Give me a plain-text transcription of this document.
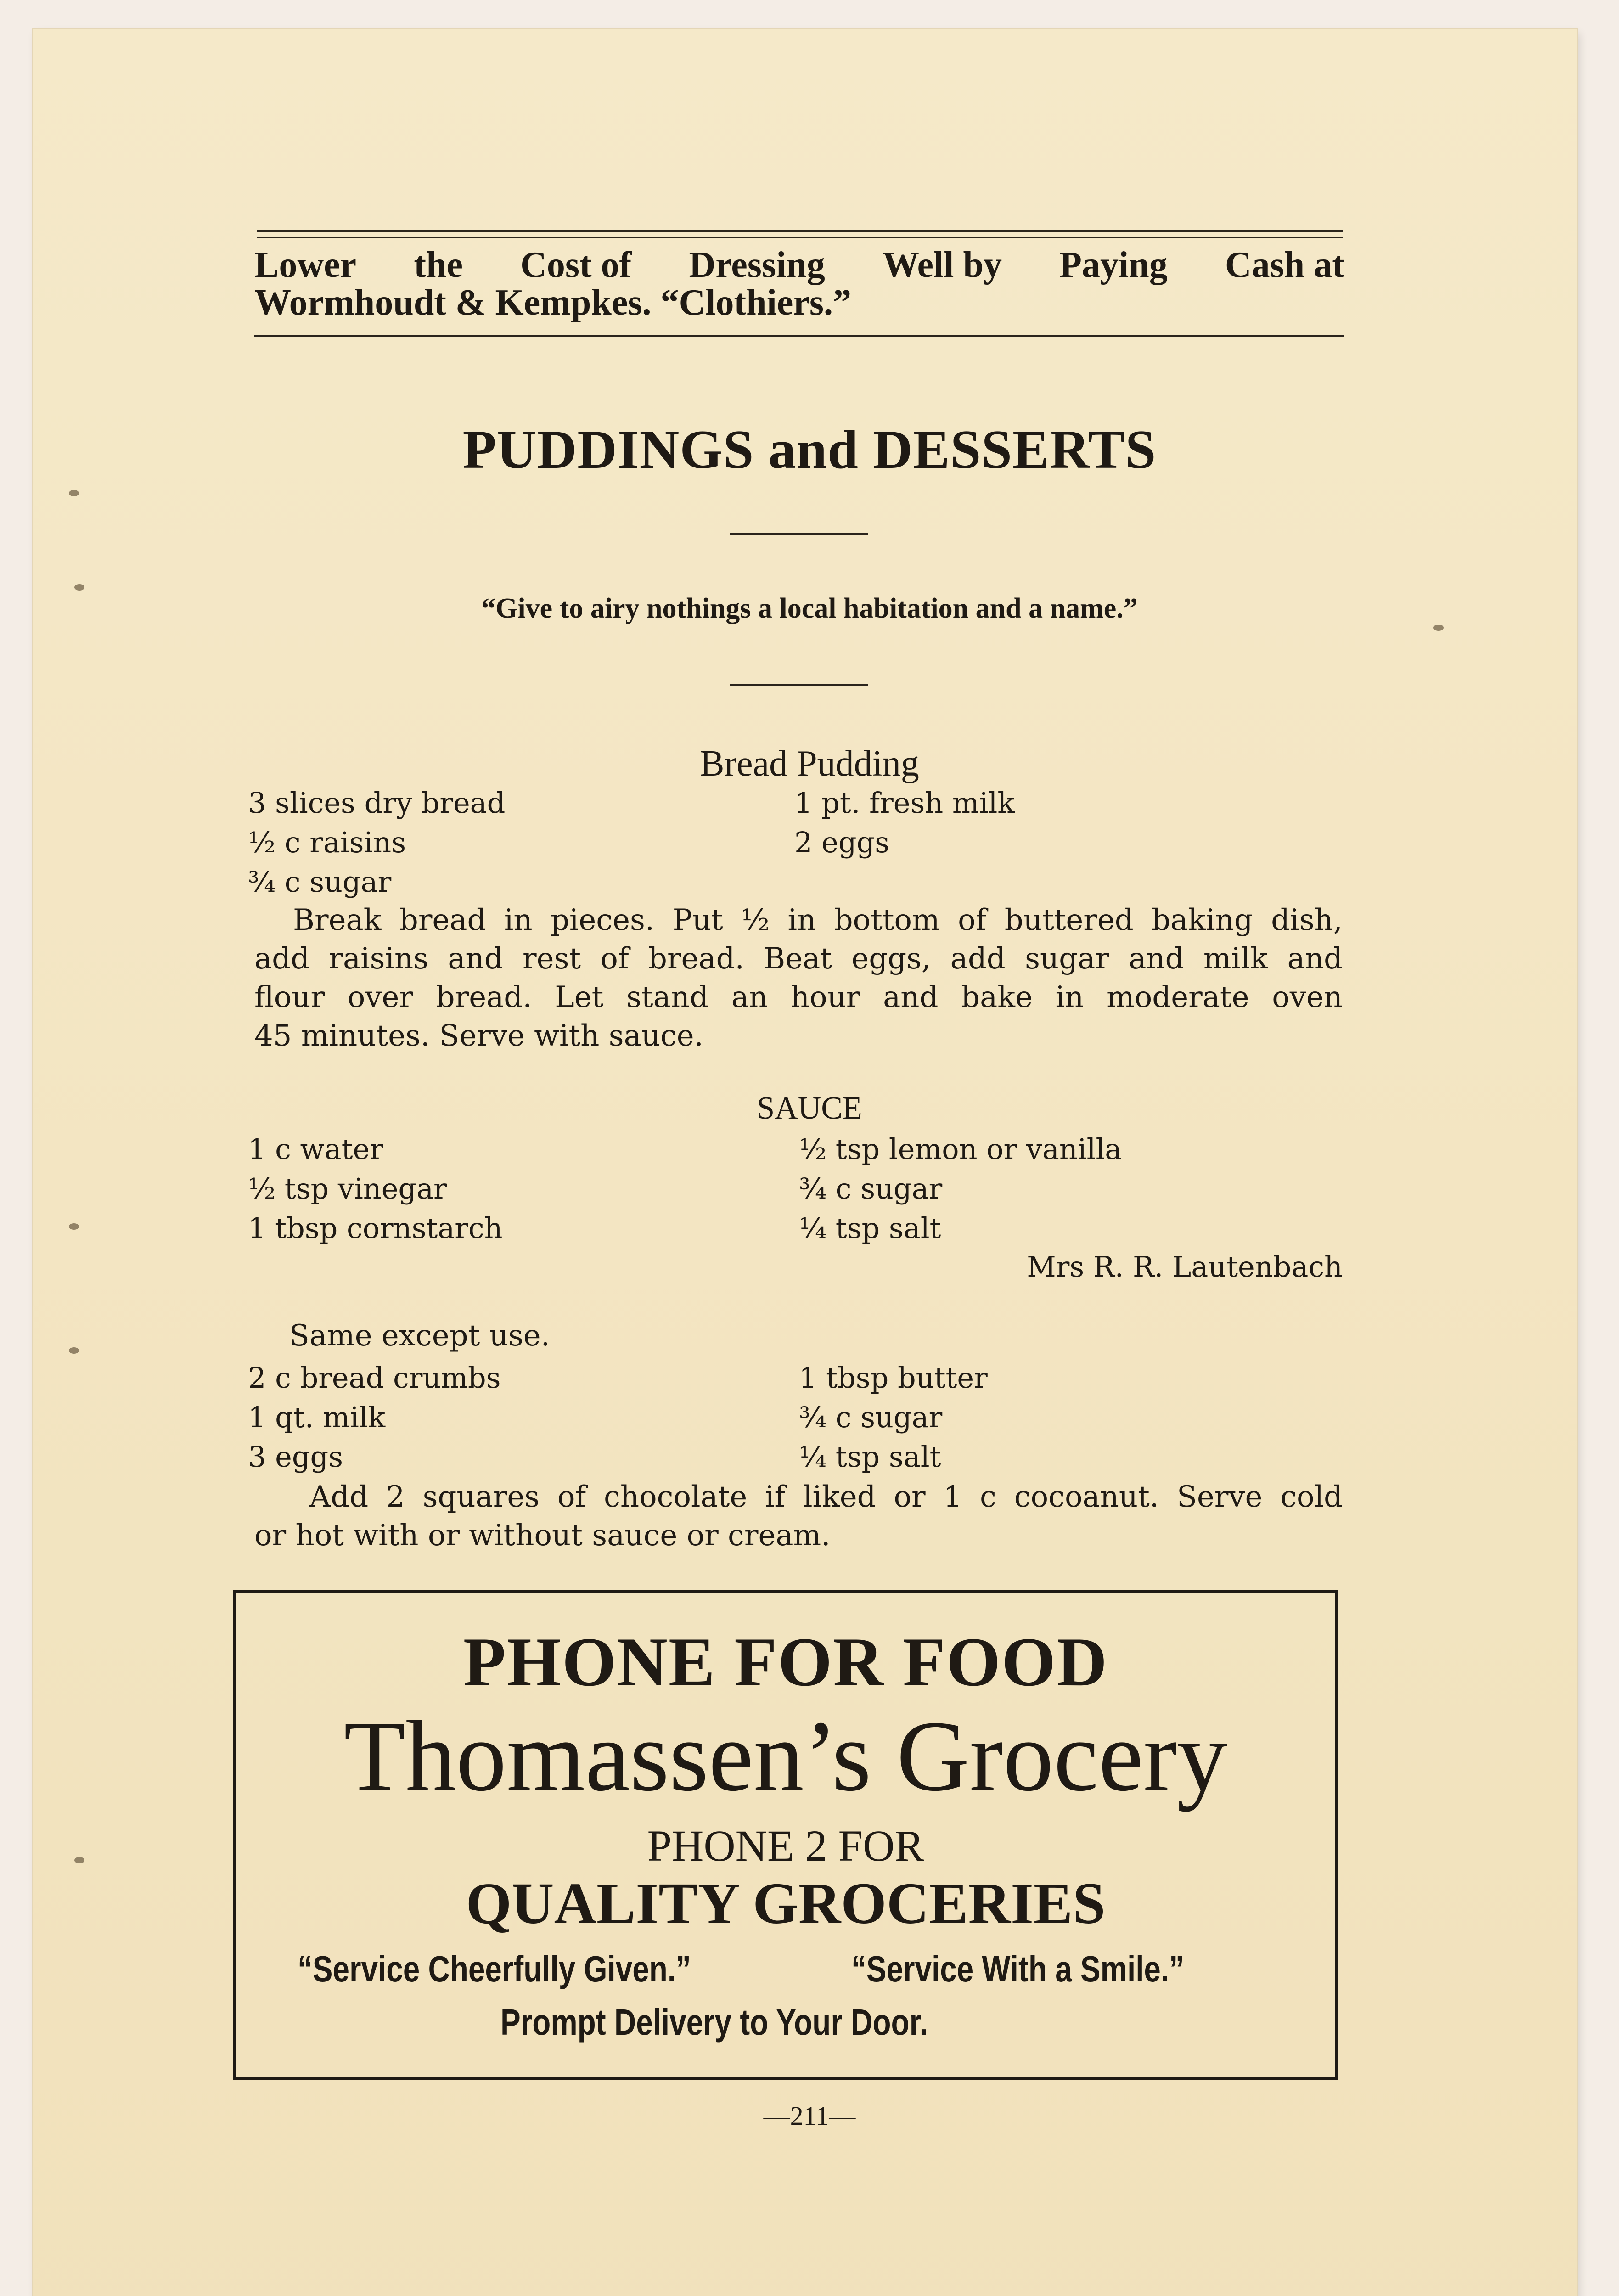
Lower the Cost of Dressing Well by Paying Cash at
Wormhoudt & Kempkes. “Clothiers.”
PUDDINGS and DESSERTS
“Give to airy nothings a local habitation and a name.”
Bread Pudding
3 slices dry bread
½ c raisins
¾ c sugar
1 pt. fresh milk
2 eggs
Break bread in pieces. Put ½ in bottom of buttered baking dish,
add raisins and rest of bread. Beat eggs, add sugar and milk and
flour over bread. Let stand an hour and bake in moderate oven
45 minutes. Serve with sauce.
SAUCE
1 c water
½ tsp vinegar
1 tbsp cornstarch
½ tsp lemon or vanilla
¾ c sugar
¼ tsp salt
Mrs R. R. Lautenbach
Same except use.
2 c bread crumbs
1 qt. milk
3 eggs
1 tbsp butter
¾ c sugar
¼ tsp salt
Add 2 squares of chocolate if liked or 1 c cocoanut. Serve cold
or hot with or without sauce or cream.
PHONE FOR FOOD
Thomassen’s Grocery
PHONE 2 FOR
QUALITY GROCERIES
“Service Cheerfully Given.”	“Service With a Smile.”
Prompt Delivery to Your Door.
—211—
